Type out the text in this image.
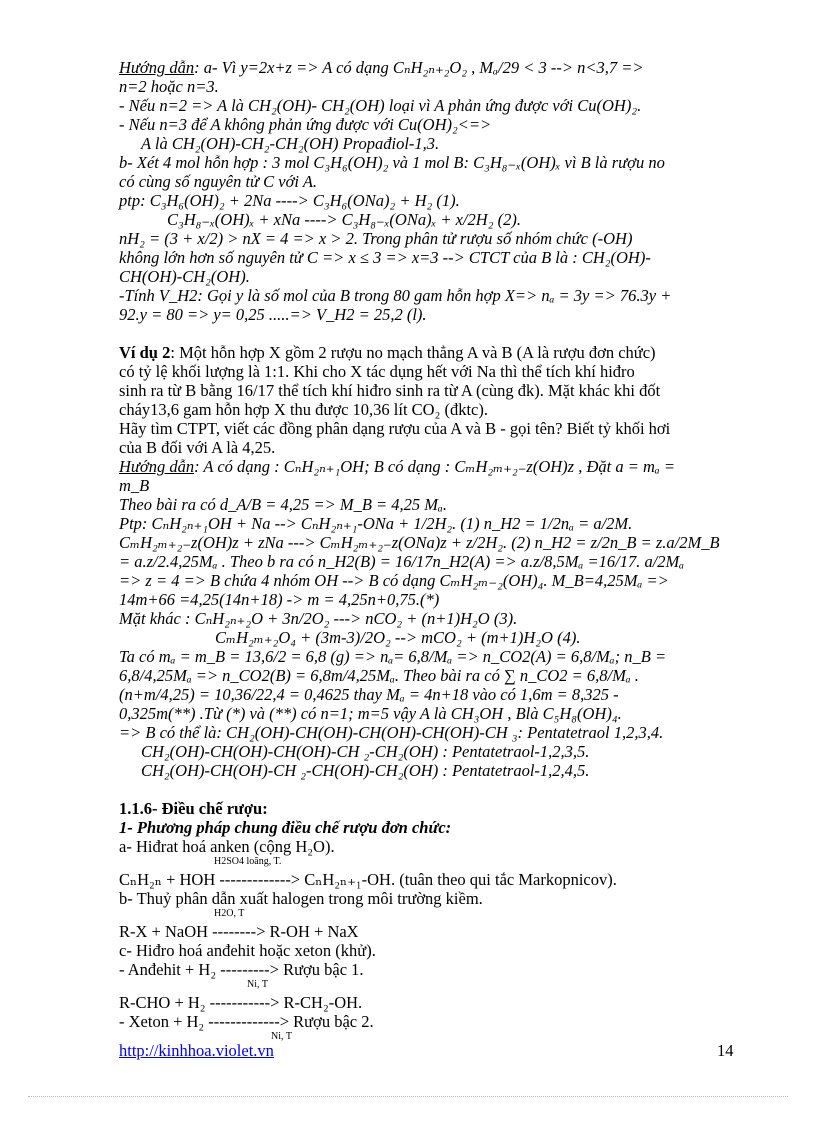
Hướng dẫn: a- Vì y=2x+z => A có dạng CₙH₂ₙ₊₂O₂ , Mₐ/29 < 3 --> n<3,7 =>

n=2 hoặc n=3.

- Nếu n=2 => A là CH₂(OH)- CH₂(OH) loại vì A phản ứng được với Cu(OH)₂.

- Nếu n=3 để A không phản ứng được với Cu(OH)₂<=>

A là CH₂(OH)-CH₂-CH₂(OH) Propađiol-1,3.

b- Xét 4 mol hỗn hợp : 3 mol C₃H₆(OH)₂ và 1 mol B: C₃H₈₋ₓ(OH)ₓ vì B là rượu no

có cùng số nguyên tử C với A.

ptp: C₃H₆(OH)₂ + 2Na ----> C₃H₆(ONa)₂ + H₂ (1).

C₃H₈₋ₓ(OH)ₓ + xNa ----> C₃H₈₋ₓ(ONa)ₓ + x/2H₂ (2).

nH₂ = (3 + x/2) > nX = 4 => x > 2. Trong phân tử rượu số nhóm chức (-OH)

không lớn hơn số nguyên tử C => x ≤ 3 => x=3 --> CTCT của B là : CH₂(OH)-

CH(OH)-CH₂(OH).

-Tính V_H2: Gọi y là số mol của B trong 80 gam hỗn hợp X=> nₐ = 3y => 76.3y +

92.y = 80 => y= 0,25 .....=> V_H2 = 25,2 (l).

Ví dụ 2: Một hỗn hợp X gồm 2 rượu no mạch thẳng A và B (A là rượu đơn chức)

có tỷ lệ khối lượng là 1:1. Khi cho X tác dụng hết với Na thì thể tích khí hiđro

sinh ra từ B bằng 16/17 thể tích khí hiđro sinh ra từ A (cùng đk). Mặt khác khi đốt

cháy13,6 gam hỗn hợp X thu được 10,36 lít CO₂ (đktc).

Hãy tìm CTPT, viết các đồng phân dạng rượu của A và B - gọi tên? Biết tỷ khối hơi

của B đối với A là 4,25.

Hướng dẫn: A có dạng : CₙH₂ₙ₊₁OH; B có dạng : CₘH₂ₘ₊₂₋z(OH)z , Đặt a = mₐ =

m_B

Theo bài ra có d_A/B = 4,25 => M_B = 4,25 Mₐ.

Ptp: CₙH₂ₙ₊₁OH + Na --> CₙH₂ₙ₊₁-ONa + 1/2H₂. (1) n_H2 = 1/2nₐ = a/2M.

CₘH₂ₘ₊₂₋z(OH)z + zNa ---> CₘH₂ₘ₊₂₋z(ONa)z + z/2H₂. (2) n_H2 = z/2n_B = z.a/2M_B

= a.z/2.4,25Mₐ . Theo b ra có n_H2(B) = 16/17n_H2(A) => a.z/8,5Mₐ =16/17. a/2Mₐ

=> z = 4 => B chứa 4 nhóm OH --> B có dạng CₘH₂ₘ₋₂(OH)₄. M_B=4,25Mₐ =>

14m+66 =4,25(14n+18) -> m = 4,25n+0,75.(*)

Mặt khác : CₙH₂ₙ₊₂O + 3n/2O₂ ---> nCO₂ + (n+1)H₂O (3).

CₘH₂ₘ₊₂O₄ + (3m-3)/2O₂ --> mCO₂ + (m+1)H₂O (4).

Ta có mₐ = m_B = 13,6/2 = 6,8 (g) => nₐ= 6,8/Mₐ => n_CO2(A) = 6,8/Mₐ; n_B =

6,8/4,25Mₐ => n_CO2(B) = 6,8m/4,25Mₐ. Theo bài ra có ∑ n_CO2 = 6,8/Mₐ .

(n+m/4,25) = 10,36/22,4 = 0,4625 thay Mₐ = 4n+18 vào có 1,6m = 8,325 -

0,325m(**) .Từ (*) và (**) có n=1; m=5 vậy A là CH₃OH , Blà C₅H₈(OH)₄.

=> B có thể là: CH₂(OH)-CH(OH)-CH(OH)-CH(OH)-CH ₃: Pentatetraol 1,2,3,4.

CH₂(OH)-CH(OH)-CH(OH)-CH ₂-CH₂(OH) : Pentatetraol-1,2,3,5.

CH₂(OH)-CH(OH)-CH ₂-CH(OH)-CH₂(OH) : Pentatetraol-1,2,4,5.

1.1.6- Điều chế rượu:

1- Phương pháp chung điều chế rượu đơn chức:

a- Hiđrat hoá anken (cộng H₂O).

H2SO4 loãng, T.

CₙH₂ₙ + HOH -------------> CₙH₂ₙ₊₁-OH. (tuân theo qui tắc Markopnicov).

b- Thuỷ phân dẫn xuất halogen trong môi trường kiềm.

H2O, T

R-X + NaOH --------> R-OH + NaX

c- Hiđro hoá anđehit hoặc xeton (khử).

- Anđehit + H₂ ---------> Rượu bậc 1.

Ni, T

R-CHO + H₂ -----------> R-CH₂-OH.

- Xeton + H₂ -------------> Rượu bậc 2.

Ni, T

http://kinhhoa.violet.vn	14
